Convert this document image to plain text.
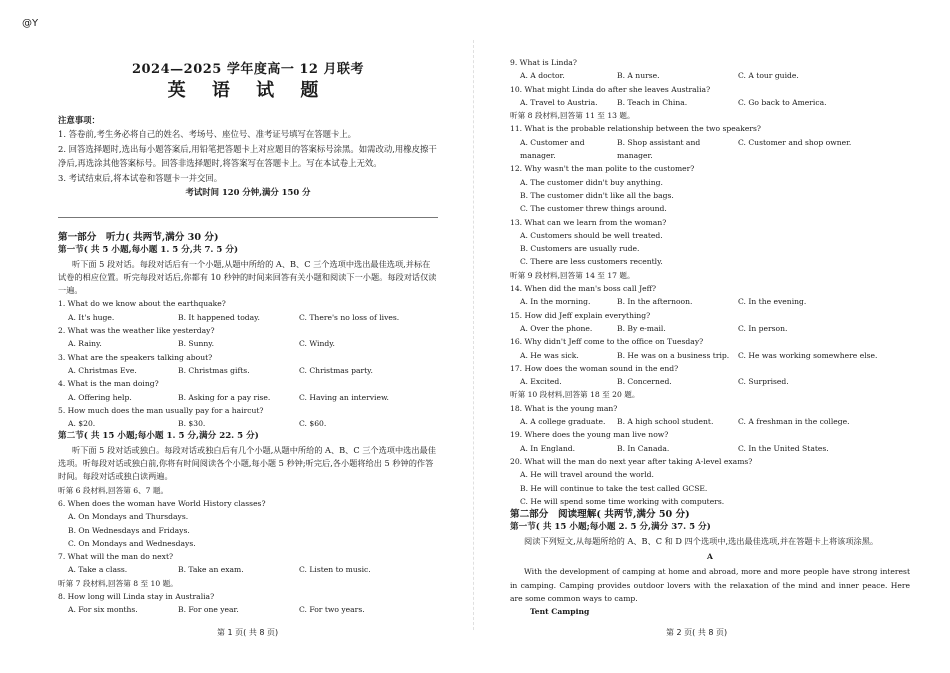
@Y
2024—2025 学年度高一 12 月联考
英 语 试 题
注意事项：
1. 答卷前,考生务必将自己的姓名、考场号、座位号、准考证号填写在答题卡上。
2. 回答选择题时,选出每小题答案后,用铅笔把答题卡上对应题目的答案标号涂黑。如需改动,用橡皮擦干净后,再选涂其他答案标号。回答非选择题时,将答案写在答题卡上。写在本试卷上无效。
3. 考试结束后,将本试卷和答题卡一并交回。
考试时间 120 分钟,满分 150 分
第一部分　听力( 共两节,满分 30 分)
第一节( 共 5 小题,每小题 1. 5 分,共 7. 5 分)
听下面 5 段对话。每段对话后有一个小题,从题中所给的 A、B、C 三个选项中选出最佳选项,并标在试卷的相应位置。听完每段对话后,你都有 10 秒钟的时间来回答有关小题和阅读下一小题。每段对话仅读一遍。
1. What do we know about the earthquake?
A. It's huge.	B. It happened today.	C. There's no loss of lives.
2. What was the weather like yesterday?
A. Rainy.	B. Sunny.	C. Windy.
3. What are the speakers talking about?
A. Christmas Eve.	B. Christmas gifts.	C. Christmas party.
4. What is the man doing?
A. Offering help.	B. Asking for a pay rise.	C. Having an interview.
5. How much does the man usually pay for a haircut?
A. $20.	B. $30.	C. $60.
第二节( 共 15 小题;每小题 1. 5 分,满分 22. 5 分)
听下面 5 段对话或独白。每段对话或独白后有几个小题,从题中所给的 A、B、C 三个选项中选出最佳选项。听每段对话或独白前,你将有时间阅读各个小题,每小题 5 秒钟;听完后,各小题将给出 5 秒钟的作答时间。每段对话或独白读两遍。
听第 6 段材料,回答第 6、7 题。
6. When does the woman have World History classes?
A. On Mondays and Thursdays.
B. On Wednesdays and Fridays.
C. On Mondays and Wednesdays.
7. What will the man do next?
A. Take a class.	B. Take an exam.	C. Listen to music.
听第 7 段材料,回答第 8 至 10 题。
8. How long will Linda stay in Australia?
A. For six months.	B. For one year.	C. For two years.
第 1 页( 共 8 页)
9. What is Linda?
A. A doctor.	B. A nurse.	C. A tour guide.
10. What might Linda do after she leaves Australia?
A. Travel to Austria.	B. Teach in China.	C. Go back to America.
听第 8 段材料,回答第 11 至 13 题。
11. What is the probable relationship between the two speakers?
A. Customer and manager.
B. Shop assistant and manager.
C. Customer and shop owner.
12. Why wasn't the man polite to the customer?
A. The customer didn't buy anything.
B. The customer didn't like all the bags.
C. The customer threw things around.
13. What can we learn from the woman?
A. Customers should be well treated.
B. Customers are usually rude.
C. There are less customers recently.
听第 9 段材料,回答第 14 至 17 题。
14. When did the man's boss call Jeff?
A. In the morning.	B. In the afternoon.	C. In the evening.
15. How did Jeff explain everything?
A. Over the phone.	B. By e-mail.	C. In person.
16. Why didn't Jeff come to the office on Tuesday?
A. He was sick.	B. He was on a business trip.	C. He was working somewhere else.
17. How does the woman sound in the end?
A. Excited.	B. Concerned.	C. Surprised.
听第 10 段材料,回答第 18 至 20 题。
18. What is the young man?
A. A college graduate.	B. A high school student.	C. A freshman in the college.
19. Where does the young man live now?
A. In England.	B. In Canada.	C. In the United States.
20. What will the man do next year after taking A-level exams?
A. He will travel around the world.
B. He will continue to take the test called GCSE.
C. He will spend some time working with computers.
第二部分　阅读理解( 共两节,满分 50 分)
第一节( 共 15 小题;每小题 2. 5 分,满分 37. 5 分)
阅读下列短文,从每题所给的 A、B、C 和 D 四个选项中,选出最佳选项,并在答题卡上将该项涂黑。
A
With the development of camping at home and abroad, more and more people have strong interest in camping. Camping provides outdoor lovers with the relaxation of the mind and inner peace. Here are some common ways to camp.
Tent Camping
第 2 页( 共 8 页)
